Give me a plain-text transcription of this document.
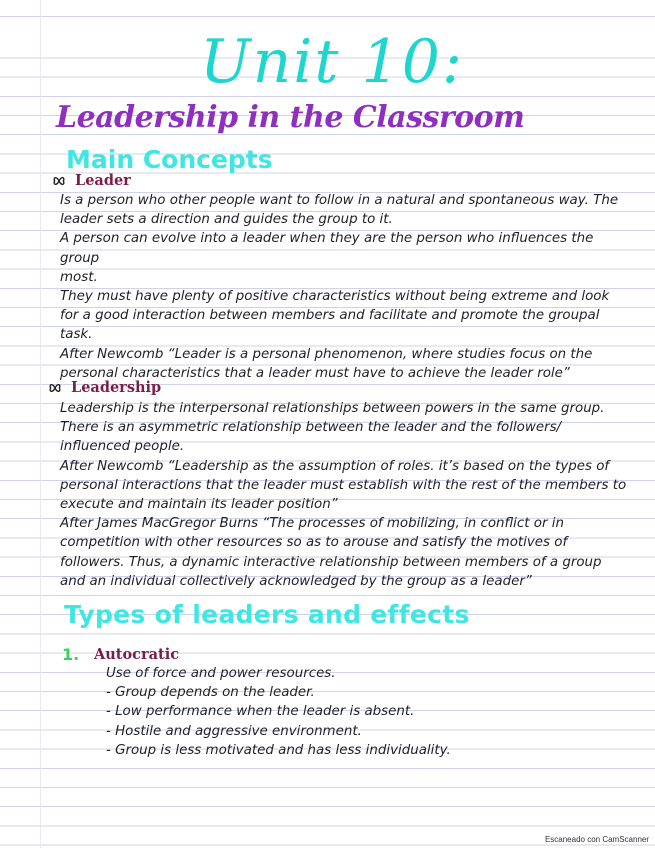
Unit 10:
Leadership in the Classroom
Main Concepts
Leader
Is a person who other people want to follow in a natural and spontaneous way. The
leader sets a direction and guides the group to it.
A person can evolve into a leader when they are the person who influences the group
most.
They must have plenty of positive characteristics without being extreme and look
for a good interaction between members and facilitate and promote the groupal
task.
After Newcomb “Leader is a personal phenomenon, where studies focus on the
personal characteristics that a leader must have to achieve the leader role”
Leadership
Leadership is the interpersonal relationships between powers in the same group.
There is an asymmetric relationship between the leader and the followers/
influenced people.
After Newcomb “Leadership as the assumption of roles. it’s based on the types of
personal interactions that the leader must establish with the rest of the members to
execute and maintain its leader position”
After James MacGregor Burns “The processes of mobilizing, in conflict or in
competition with other resources so as to arouse and satisfy the motives of
followers. Thus, a dynamic interactive relationship between members of a group
and an individual collectively acknowledged by the group as a leader”
Types of leaders and effects
1.	Autocratic
Use of force and power resources.
- Group depends on the leader.
- Low performance when the leader is absent.
- Hostile and aggressive environment.
- Group is less motivated and has less individuality.
Escaneado con CamScanner
